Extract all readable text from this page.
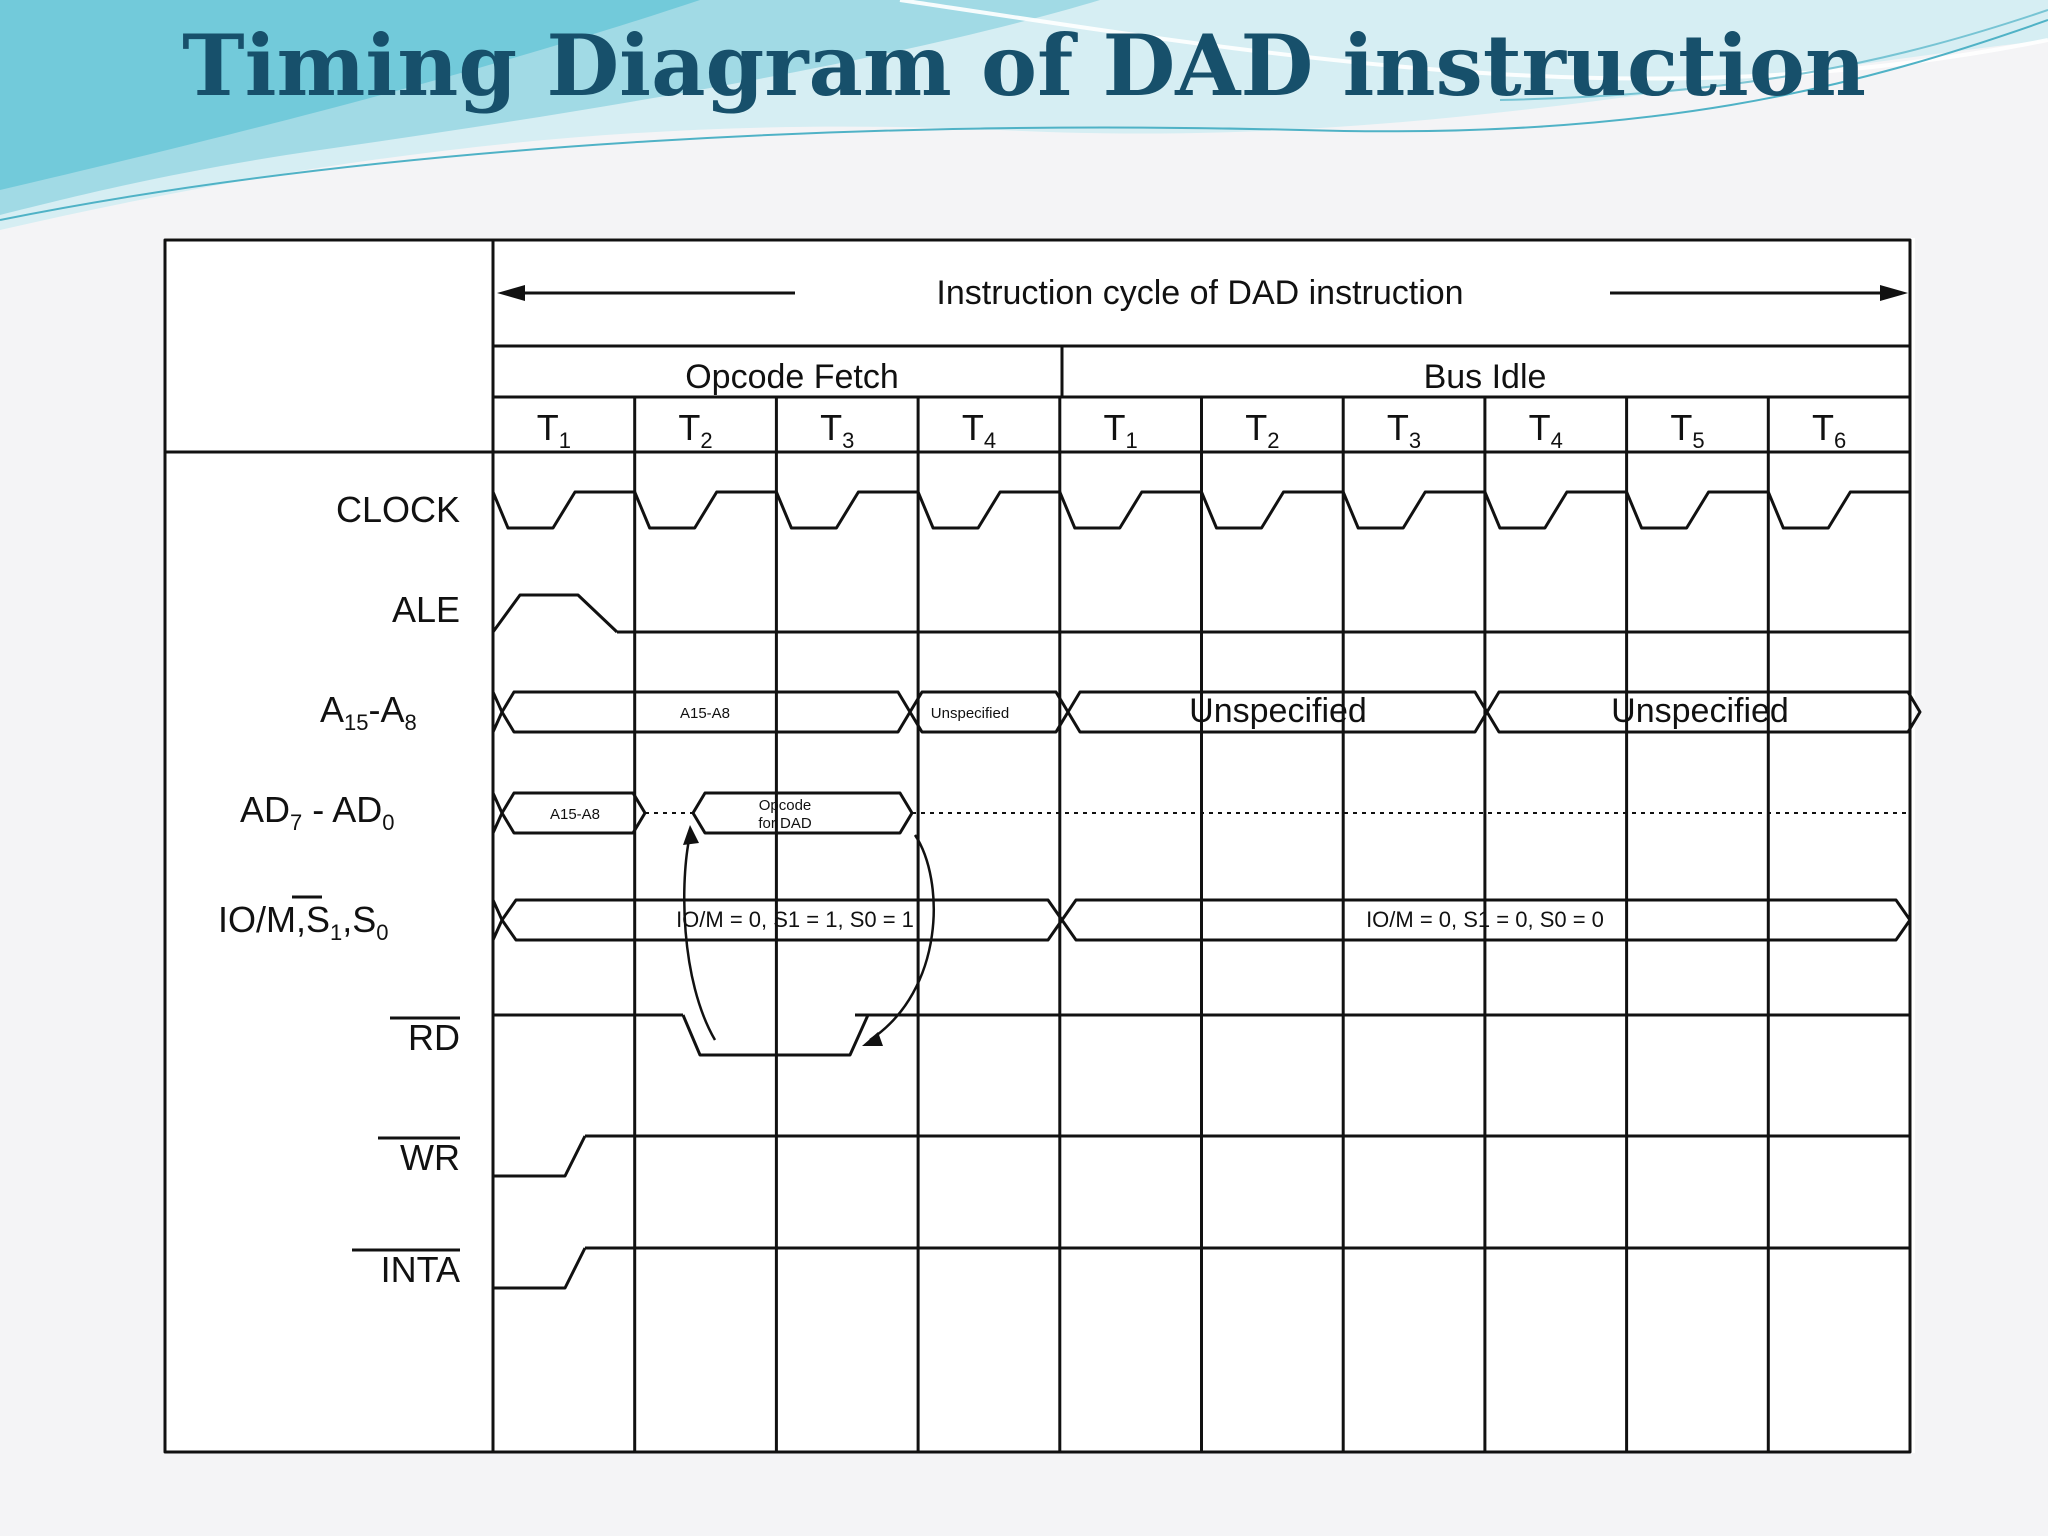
Timing Diagram of DAD instruction
Instruction cycle of DAD instruction
Opcode Fetch	Bus Idle
$T_1$	$T_2$	$T_3$	$T_4$	$T_1$	$T_2$	$T_3$	$T_4$	$T_5$	$T_6$
CLOCK
ALE
$A_{15}-A_8$
$AD_7 - AD_0$
$IO/M,S_1,S_0$
RD
WR
INTA
A15-A8	Unspecified	Unspecified	Unspecified
A15-A8
Opcode
for DAD
IO/M = 0, S1 = 1, S0 = 1	IO/M = 0, S1 = 0, S0 = 0
